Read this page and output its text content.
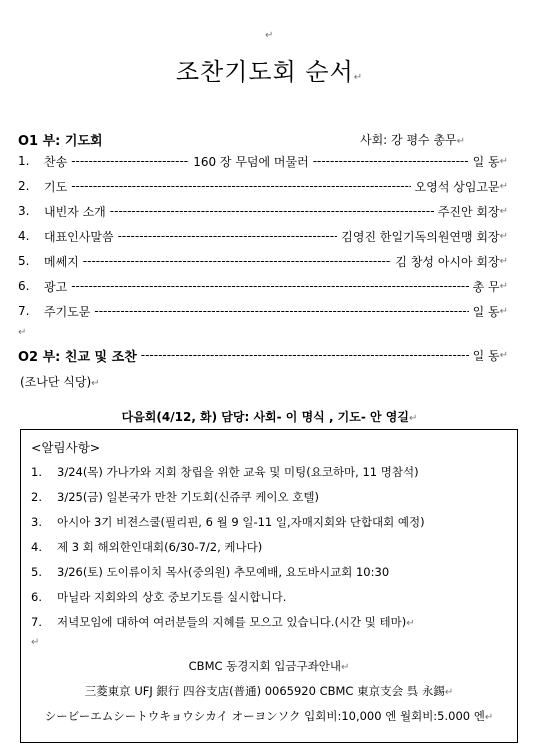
↵
조찬기도회 순서↵
O1 부: 기도회	사회: 강 평수 총무↵
1.	찬송 -----	160 장 무덤에 머물러 -----	일 동 ↵
2.	기도 -----	오영석 상임고문 ↵
3.	내빈자 소개 -----	주진안 회장 ↵
4.	대표인사말씀 -----	김영진 한일기독의원연맹 회장 ↵
5.	메쎄지 -----	김 창성 아시아 회장 ↵
6.	광고 -----	총 무 ↵
7.	주기도문 -----	일 동 ↵
↵
O2 부: 친교 및 조찬 -----	일 동 ↵
(조나단 식당)↵
다음회(4/12, 화) 담당: 사회- 이 명식 , 기도- 안 영길↵
<알림사항>
1. 3/24(목) 가나가와 지회 창립을 위한 교육 및 미팅(요코하마, 11 명참석)
2. 3/25(금) 일본국가 만찬 기도회(신쥬쿠 케이오 호텔)
3. 아시아 3기 비젼스쿨(필리핀, 6 월 9 일-11 일,자매지회와 단합대회 예정)
4. 제 3 회 해외한인대회(6/30-7/2, 케나다)
5. 3/26(토) 도이류이치 목사(중의원) 추모예배, 요도바시교회 10:30
6. 마닐라 지회와의 상호 중보기도를 실시합니다.
7. 저녁모임에 대하여 여러분들의 지혜를 모으고 있습니다.(시간 및 테마)↵
↵
CBMC 동경지회 입금구좌안내↵
三菱東京 UFJ 銀行 四谷支店(普通) 0065920 CBMC 東京支会 呉 永錫↵
シービーエムシートウキョウシカイ オーヨンソク 입회비:10,000 엔 월회비:5.000 엔↵
